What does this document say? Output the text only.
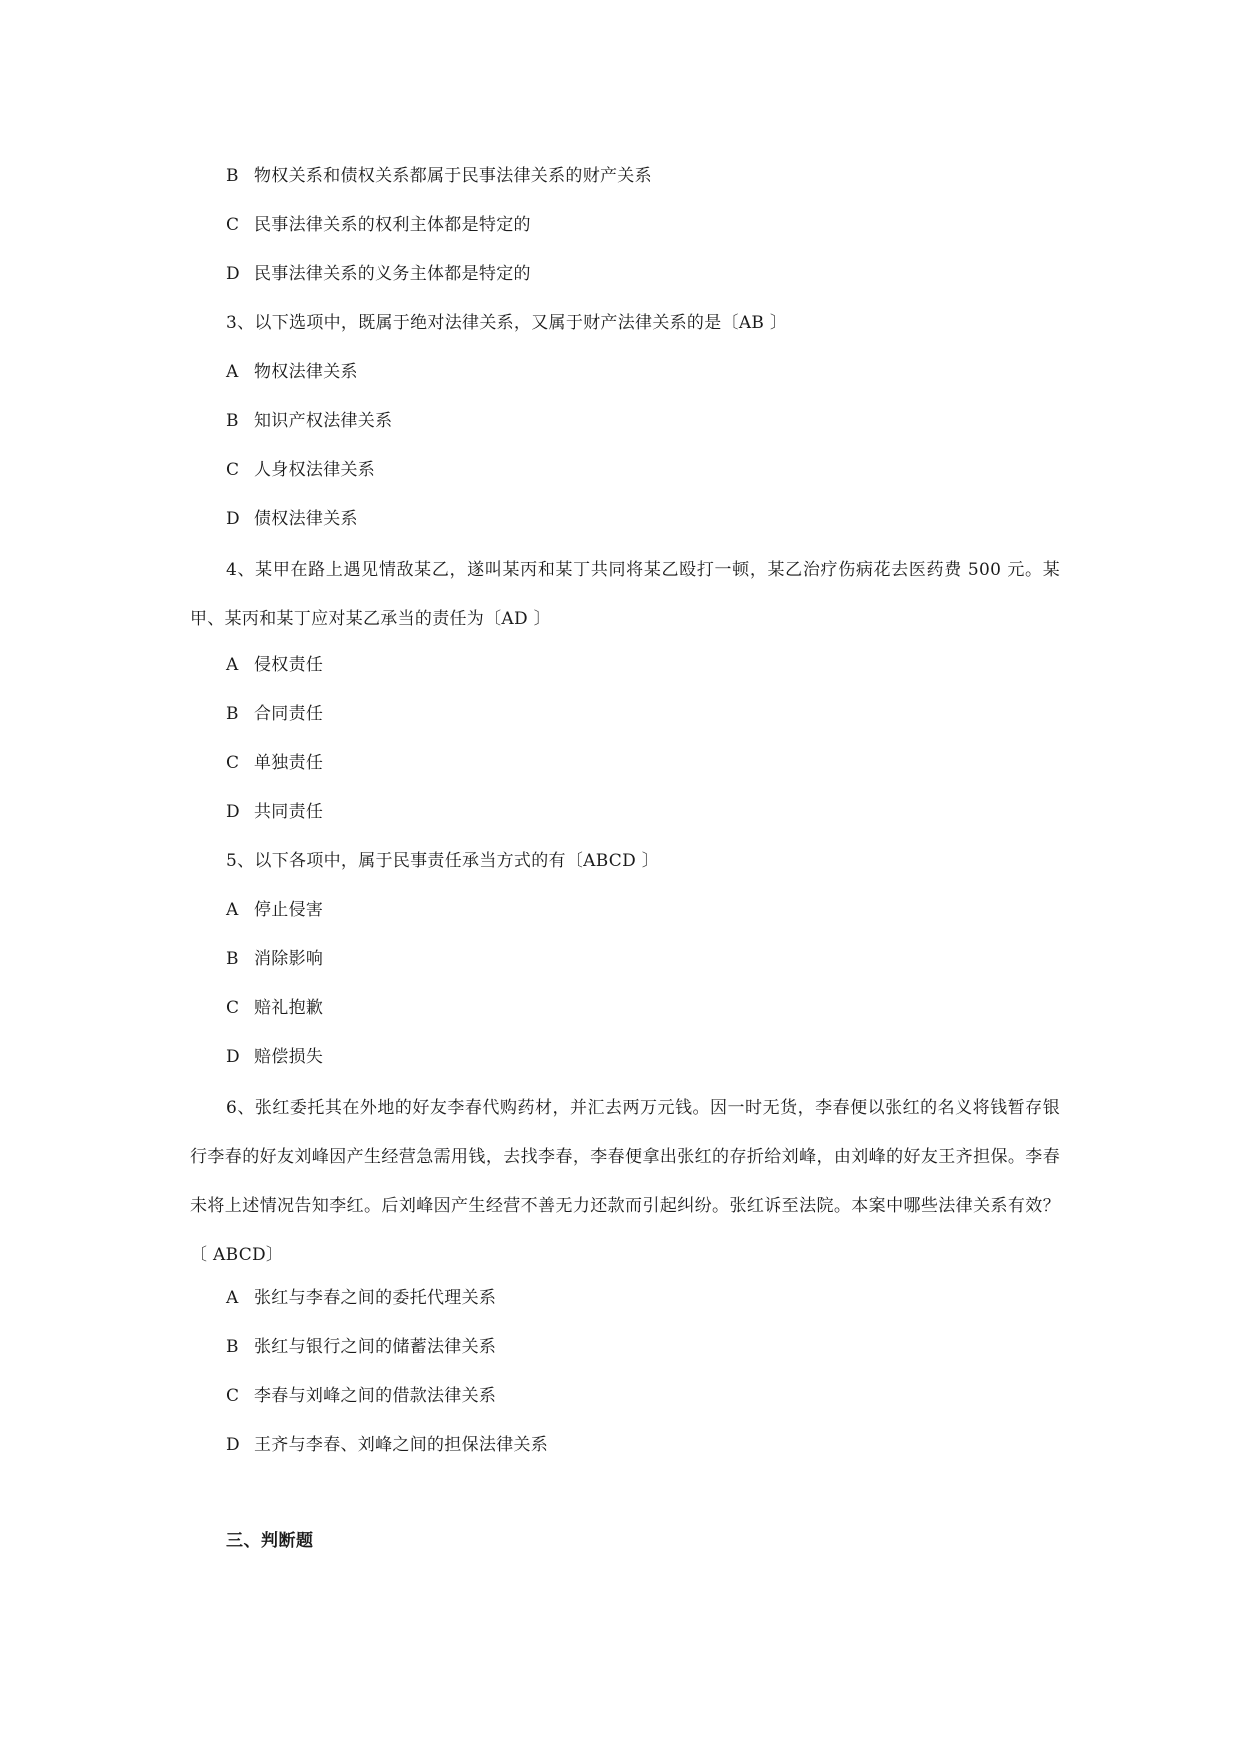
B 物权关系和债权关系都属于民事法律关系的财产关系
C 民事法律关系的权利主体都是特定的
D 民事法律关系的义务主体都是特定的
3、以下选项中，既属于绝对法律关系，又属于财产法律关系的是〔AB 〕
A 物权法律关系
B 知识产权法律关系
C 人身权法律关系
D 债权法律关系
4、某甲在路上遇见情敌某乙，遂叫某丙和某丁共同将某乙殴打一顿，某乙治疗伤病花去医药费 500 元。某甲、某丙和某丁应对某乙承当的责任为〔AD 〕
A 侵权责任
B 合同责任
C 单独责任
D 共同责任
5、以下各项中，属于民事责任承当方式的有〔ABCD 〕
A 停止侵害
B 消除影响
C 赔礼抱歉
D 赔偿损失
6、张红委托其在外地的好友李春代购药材，并汇去两万元钱。因一时无货，李春便以张红的名义将钱暂存银行李春的好友刘峰因产生经营急需用钱，去找李春，李春便拿出张红的存折给刘峰，由刘峰的好友王齐担保。李春未将上述情况告知李红。后刘峰因产生经营不善无力还款而引起纠纷。张红诉至法院。本案中哪些法律关系有效？〔 ABCD〕
A 张红与李春之间的委托代理关系
B 张红与银行之间的储蓄法律关系
C 李春与刘峰之间的借款法律关系
D 王齐与李春、刘峰之间的担保法律关系
三、判断题
